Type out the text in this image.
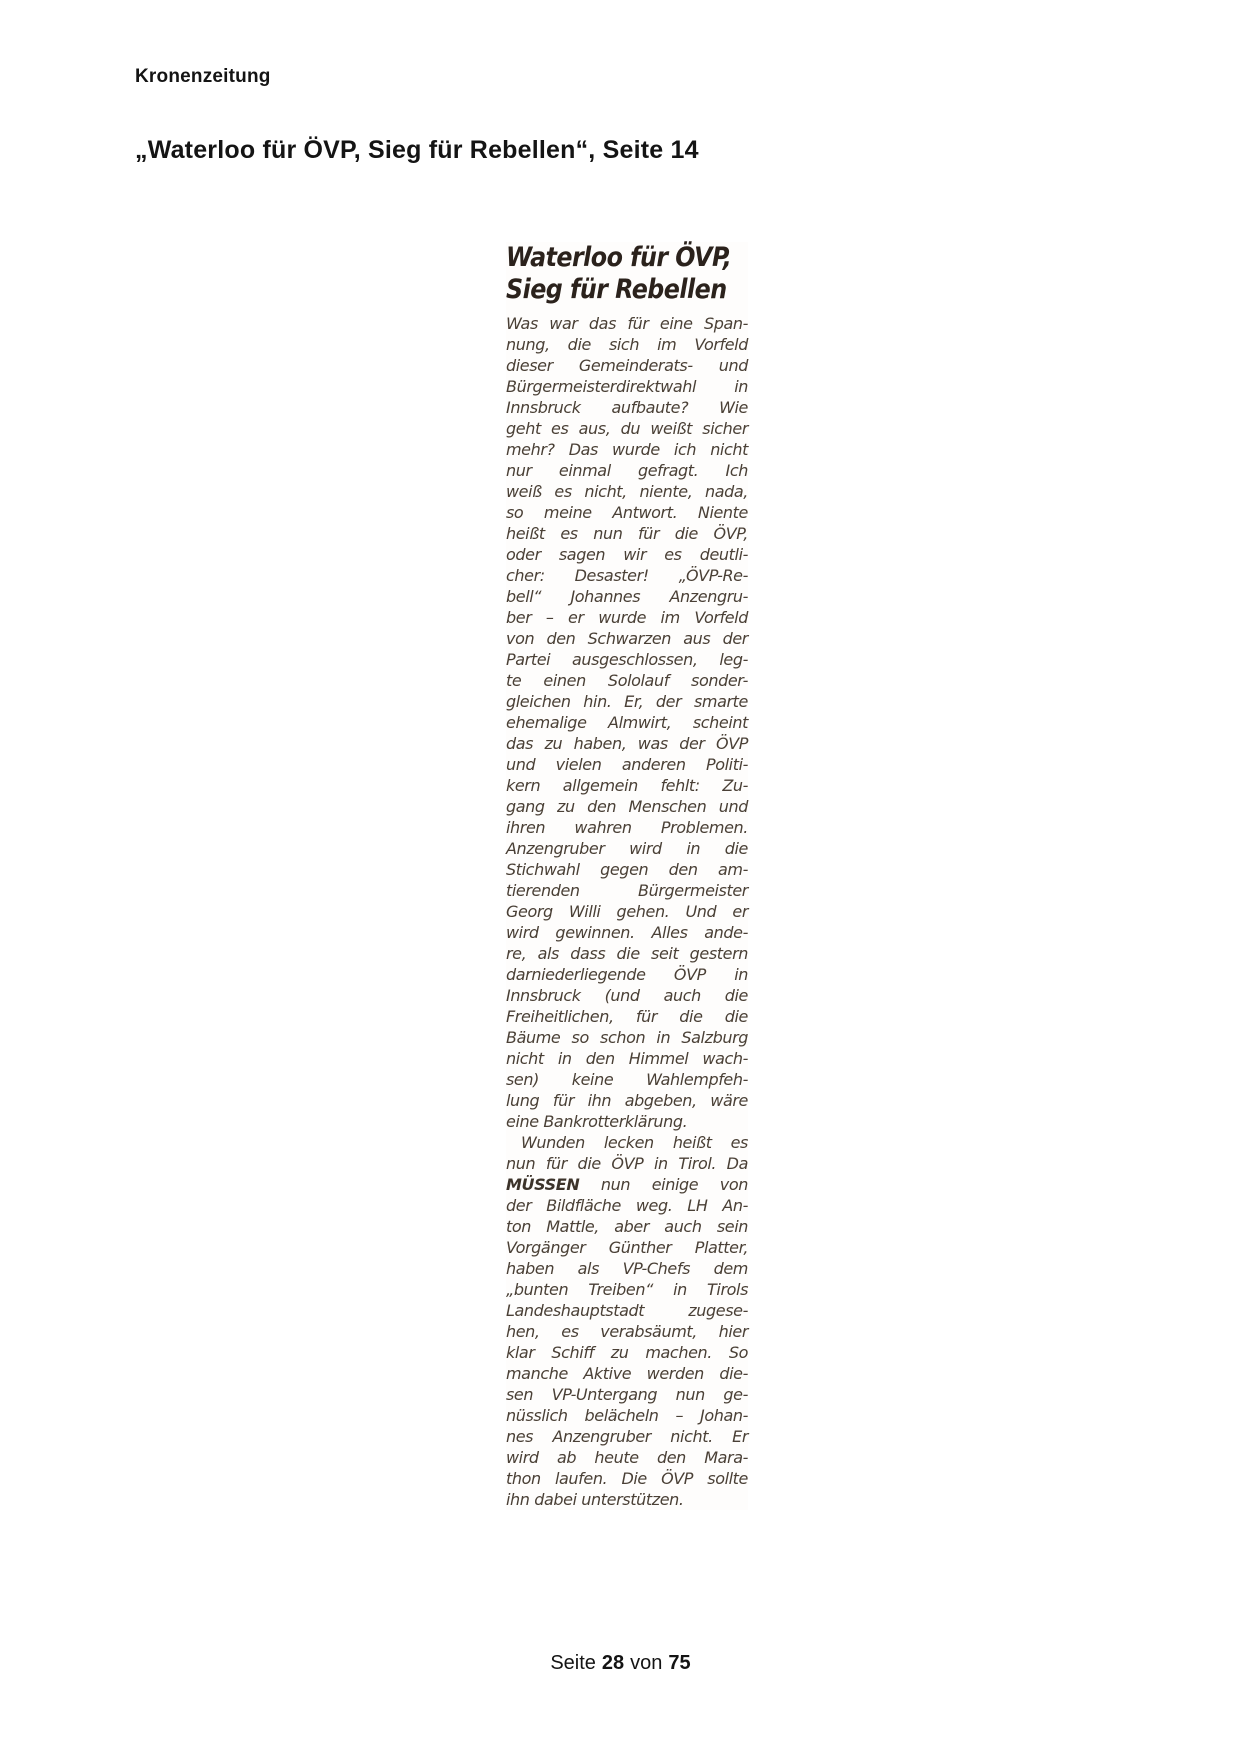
Kronenzeitung
„Waterloo für ÖVP, Sieg für Rebellen“, Seite 14
Waterloo für ÖVP,
Sieg für Rebellen
Was war das für eine Span-
nung, die sich im Vorfeld
dieser Gemeinderats- und
Bürgermeisterdirektwahl in
Innsbruck aufbaute? Wie
geht es aus, du weißt sicher
mehr? Das wurde ich nicht
nur einmal gefragt. Ich
weiß es nicht, niente, nada,
so meine Antwort. Niente
heißt es nun für die ÖVP,
oder sagen wir es deutli-
cher: Desaster! „ÖVP-Re-
bell“ Johannes Anzengru-
ber – er wurde im Vorfeld
von den Schwarzen aus der
Partei ausgeschlossen, leg-
te einen Sololauf sonder-
gleichen hin. Er, der smarte
ehemalige Almwirt, scheint
das zu haben, was der ÖVP
und vielen anderen Politi-
kern allgemein fehlt: Zu-
gang zu den Menschen und
ihren wahren Problemen.
Anzengruber wird in die
Stichwahl gegen den am-
tierenden Bürgermeister
Georg Willi gehen. Und er
wird gewinnen. Alles ande-
re, als dass die seit gestern
darniederliegende ÖVP in
Innsbruck (und auch die
Freiheitlichen, für die die
Bäume so schon in Salzburg
nicht in den Himmel wach-
sen) keine Wahlempfeh-
lung für ihn abgeben, wäre
eine Bankrotterklärung.
Wunden lecken heißt es
nun für die ÖVP in Tirol. Da
MÜSSEN nun einige von
der Bildfläche weg. LH An-
ton Mattle, aber auch sein
Vorgänger Günther Platter,
haben als VP-Chefs dem
„bunten Treiben“ in Tirols
Landeshauptstadt zugese-
hen, es verabsäumt, hier
klar Schiff zu machen. So
manche Aktive werden die-
sen VP-Untergang nun ge-
nüsslich belächeln – Johan-
nes Anzengruber nicht. Er
wird ab heute den Mara-
thon laufen. Die ÖVP sollte
ihn dabei unterstützen.
Seite 28 von 75
